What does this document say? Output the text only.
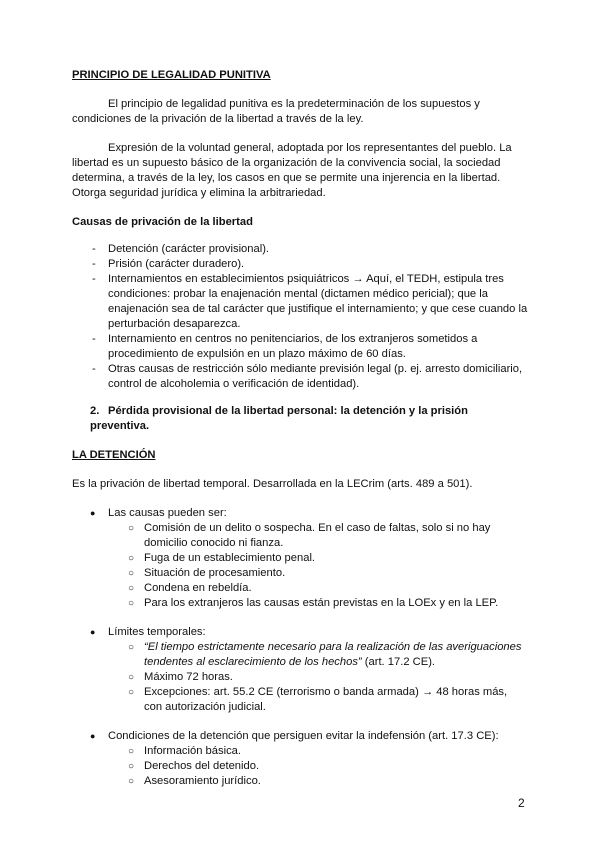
PRINCIPIO DE LEGALIDAD PUNITIVA

El principio de legalidad punitiva es la predeterminación de los supuestos y condiciones de la privación de la libertad a través de la ley.

Expresión de la voluntad general, adoptada por los representantes del pueblo. La libertad es un supuesto básico de la organización de la convivencia social, la sociedad determina, a través de la ley, los casos en que se permite una injerencia en la libertad. Otorga seguridad jurídica y elimina la arbitrariedad.

Causas de privación de la libertad
- Detención (carácter provisional).
- Prisión (carácter duradero).
- Internamientos en establecimientos psiquiátricos → Aquí, el TEDH, estipula tres condiciones: probar la enajenación mental (dictamen médico pericial); que la enajenación sea de tal carácter que justifique el internamiento; y que cese cuando la perturbación desaparezca.
- Internamiento en centros no penitenciarios, de los extranjeros sometidos a procedimiento de expulsión en un plazo máximo de 60 días.
- Otras causas de restricción sólo mediante previsión legal (p. ej. arresto domiciliario, control de alcoholemia o verificación de identidad).
2. Pérdida provisional de la libertad personal: la detención y la prisión preventiva.
LA DETENCIÓN

Es la privación de libertad temporal. Desarrollada en la LECrim (arts. 489 a 501).

● Las causas pueden ser:
○ Comisión de un delito o sospecha. En el caso de faltas, solo si no hay domicilio conocido ni fianza.
○ Fuga de un establecimiento penal.
○ Situación de procesamiento.
○ Condena en rebeldía.
○ Para los extranjeros las causas están previstas en la LOEx y en la LEP.
● Límites temporales:
○ “El tiempo estrictamente necesario para la realización de las averiguaciones tendentes al esclarecimiento de los hechos” (art. 17.2 CE).
○ Máximo 72 horas.
○ Excepciones: art. 55.2 CE (terrorismo o banda armada) → 48 horas más, con autorización judicial.
● Condiciones de la detención que persiguen evitar la indefensión (art. 17.3 CE):
○ Información básica.
○ Derechos del detenido.
○ Asesoramiento jurídico.
2
